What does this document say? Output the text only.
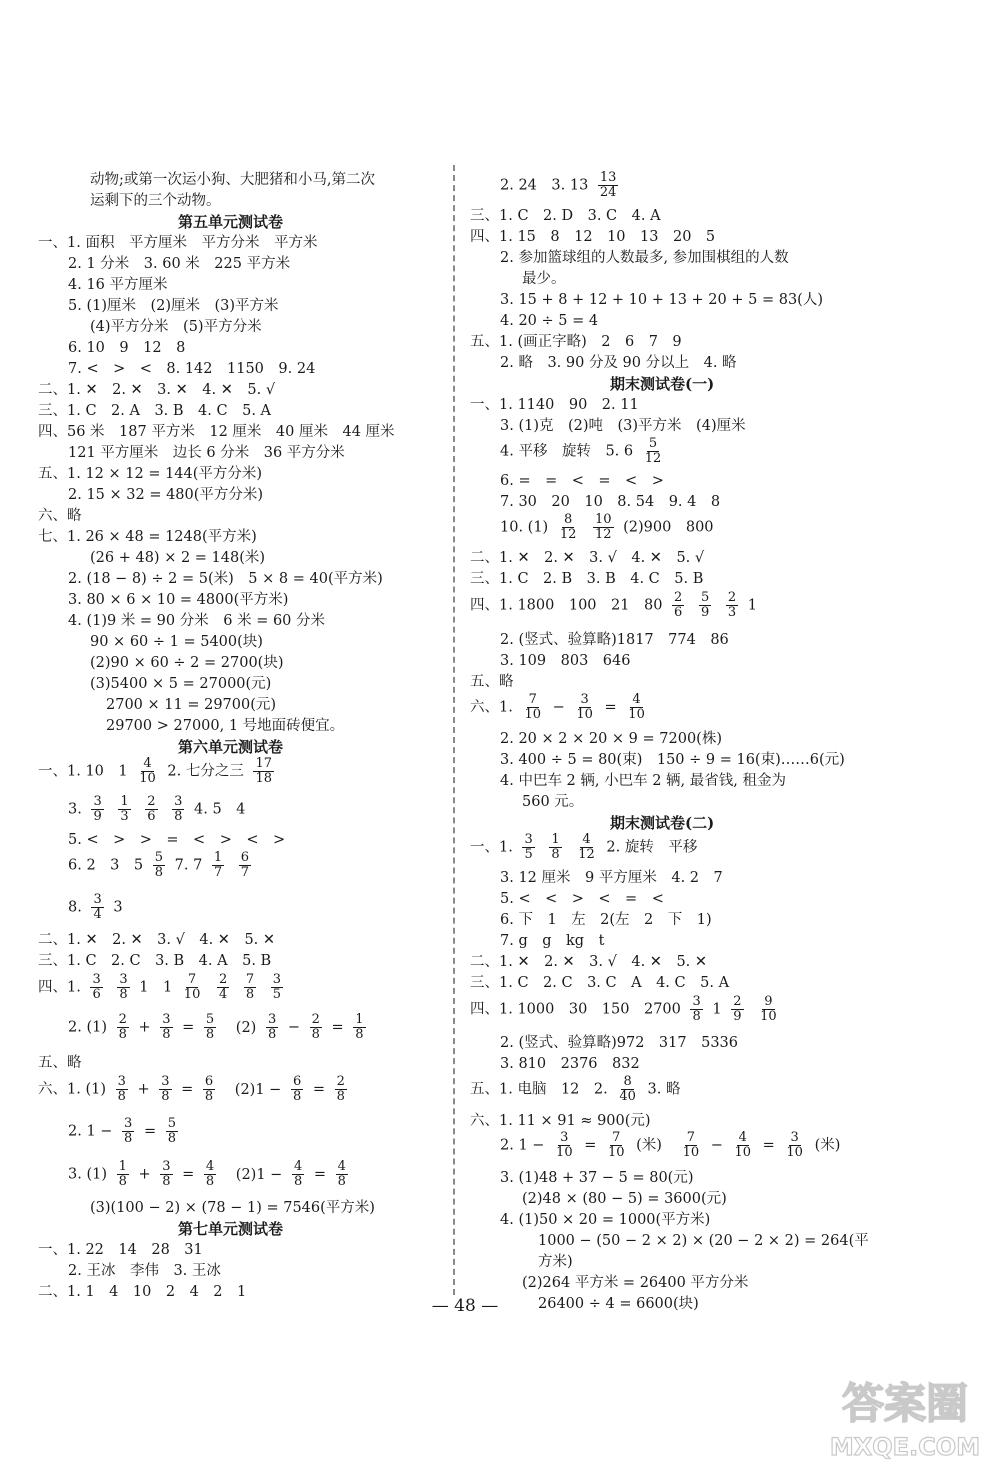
动物;或第一次运小狗、大肥猪和小马,第二次
运剩下的三个动物。
第五单元测试卷
一、1. 面积　平方厘米　平方分米　平方米
2. 1 分米　3. 60 米　225 平方米
4. 16 平方厘米
5. (1)厘米　(2)厘米　(3)平方米
(4)平方分米　(5)平方分米
6. 10　9　12　8
7. <　>　<　8. 142　1150　9. 24
二、1. ✕　2. ✕　3. ✕　4. ✕　5. √
三、1. C　2. A　3. B　4. C　5. A
四、56 米　187 平方米　12 厘米　40 厘米　44 厘米
121 平方厘米　边长 6 分米　36 平方分米
五、1. 12 × 12 = 144(平方分米)
2. 15 × 32 = 480(平方分米)
六、略
七、1. 26 × 48 = 1248(平方米)
(26 + 48) × 2 = 148(米)
2. (18 − 8) ÷ 2 = 5(米)　5 × 8 = 40(平方米)
3. 80 × 6 × 10 = 4800(平方米)
4. (1)9 米 = 90 分米　6 米 = 60 分米
90 × 60 ÷ 1 = 5400(块)
(2)90 × 60 ÷ 2 = 2700(块)
(3)5400 × 5 = 27000(元)
2700 × 11 = 29700(元)
29700 > 27000, 1 号地面砖便宜。
第六单元测试卷
一、1. 10　$1 \frac{4}{10} 2$. 七分之三 $\frac{17}{18}$
3. $\frac{3}{9}$
$\frac{1}{3}$
$\frac{2}{6}$
$\frac{3}{8} 4$. 5　4
5. <　>　>　=　<　>　<　>
6. 2　3　$5 \frac{5}{8} 7$. $7 \frac{1}{7}$
$\frac{6}{7}$
8. $\frac{3}{4} 3$
二、1. ✕　2. ✕　3. √　4. ✕　5. ✕
三、1. C　2. C　3. B　4. A　5. B
四、1. $\frac{3}{6}$
$\frac{3}{8} 1$　$1 \frac{7}{10}$
$\frac{2}{4}$
$\frac{7}{8}$
$\frac{3}{5}$
2. $(1) \frac{2}{8} + \frac{3}{8} = \frac{5}{8} (2) \frac{3}{8} - \frac{2}{8} = \frac{1}{8}$
五、略
六、1. $(1) \frac{3}{8} + \frac{3}{8} = \frac{6}{8} (2)1 - \frac{6}{8} = \frac{2}{8}$
2. $1 - \frac{3}{8} = \frac{5}{8}$
3. $(1) \frac{1}{8} + \frac{3}{8} = \frac{4}{8} (2)1 - \frac{4}{8} = \frac{4}{8}$
(3)(100 − 2) × (78 − 1) = 7546(平方米)
第七单元测试卷
一、1. 22　14　28　31
2. 王冰　李伟　3. 王冰
二、1. 1　4　10　2　4　2　1
2. 24　3. $13 \frac{13}{24}$
三、1. C　2. D　3. C　4. A
四、1. 15　8　12　10　13　20　5
2. 参加篮球组的人数最多, 参加围棋组的人数
最少。
3. 15 + 8 + 12 + 10 + 13 + 20 + 5 = 83(人)
4. 20 ÷ 5 = 4
五、1. (画正字略)　2　6　7　9
2. 略　3. 90 分及 90 分以上　4. 略
期末测试卷(一)
一、1. 1140　90　2. 11
3. (1)克　(2)吨　(3)平方米　(4)厘米
4. 平移　旋转　5. $6 \frac{5}{12}$
6. =　=　<　=　<　>
7. 30　20　10　8. 54　9. 4　8
10. $(1) \frac{8}{12}$
$\frac{10}{12} (2)900$　800
二、1. ✕　2. ✕　3. √　4. ✕　5. √
三、1. C　2. B　3. B　4. C　5. B
四、1. 1800　100　21　$80 \frac{2}{6}$
$\frac{5}{9}$
$\frac{2}{3} 1$
2. (竖式、验算略)1817　774　86
3. 109　803　646
五、略
六、1. $\frac{7}{10} - \frac{3}{10} = \frac{4}{10}$
2. 20 × 2 × 20 × 9 = 7200(株)
3. 400 ÷ 5 = 80(束)　150 ÷ 9 = 16(束)……6(元)
4. 中巴车 2 辆, 小巴车 2 辆, 最省钱, 租金为
560 元。
期末测试卷(二)
一、1. $\frac{3}{5}$
$\frac{1}{8}$
$\frac{4}{12} 2$. 旋转　平移
3. 12 厘米　9 平方厘米　4. 2　7
5. <　<　>　<　=　<
6. 下　1　左　2(左　2　下　1)
7. g　g　kg　t
二、1. ✕　2. ✕　3. √　4. ✕　5. ✕
三、1. C　2. C　3. C　A　4. C　5. A
四、1. 1000　30　150　$2700 \frac{3}{8} 1 \frac{2}{9}$
$\frac{9}{10}$
2. (竖式、验算略)972　317　5336
3. 810　2376　832
五、1. 电脑　12　2. $\frac{8}{40} 3$. 略
六、1. 11 × 91 ≈ 900(元)
2. $1 - \frac{3}{10} = \frac{7}{10}$ (米) $\frac{7}{10} - \frac{4}{10} = \frac{3}{10}$ (米)
3. (1)48 + 37 − 5 = 80(元)
(2)48 × (80 − 5) = 3600(元)
4. (1)50 × 20 = 1000(平方米)
1000 − (50 − 2 × 2) × (20 − 2 × 2) = 264(平
方米)
(2)264 平方米 = 26400 平方分米
26400 ÷ 4 = 6600(块)
— 48 —
答案圈
MXQE.COM
